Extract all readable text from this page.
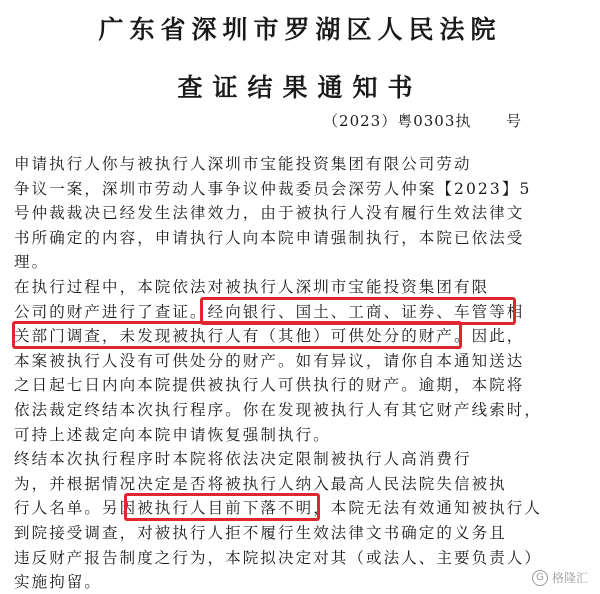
广东省深圳市罗湖区人民法院
查证结果通知书
（2023）粤0303执      号
申请执行人你与被执行人深圳市宝能投资集团有限公司劳动
争议一案，深圳市劳动人事争议仲裁委员会深劳人仲案【2023】5
号仲裁裁决已经发生法律效力，由于被执行人没有履行生效法律文
书所确定的内容，申请执行人向本院申请强制执行，本院已依法受
理。
在执行过程中，本院依法对被执行人深圳市宝能投资集团有限
公司的财产进行了查证。经向银行、国土、工商、证券、车管等相
关部门调查，未发现被执行人有（其他）可供处分的财产。因此，
本案被执行人没有可供处分的财产。如有异议，请你自本通知送达
之日起七日内向本院提供被执行人可供执行的财产。逾期，本院将
依法裁定终结本次执行程序。你在发现被执行人有其它财产线索时，
可持上述裁定向本院申请恢复强制执行。
终结本次执行程序时本院将依法决定限制被执行人高消费行
为，并根据情况决定是否将被执行人纳入最高人民法院失信被执
行人名单。另因被执行人目前下落不明，本院无法有效通知被执行人
到院接受调查，对被执行人拒不履行生效法律文书确定的义务且
违反财产报告制度之行为，本院拟决定对其（或法人、主要负责人）
实施拘留。	G 格隆汇
